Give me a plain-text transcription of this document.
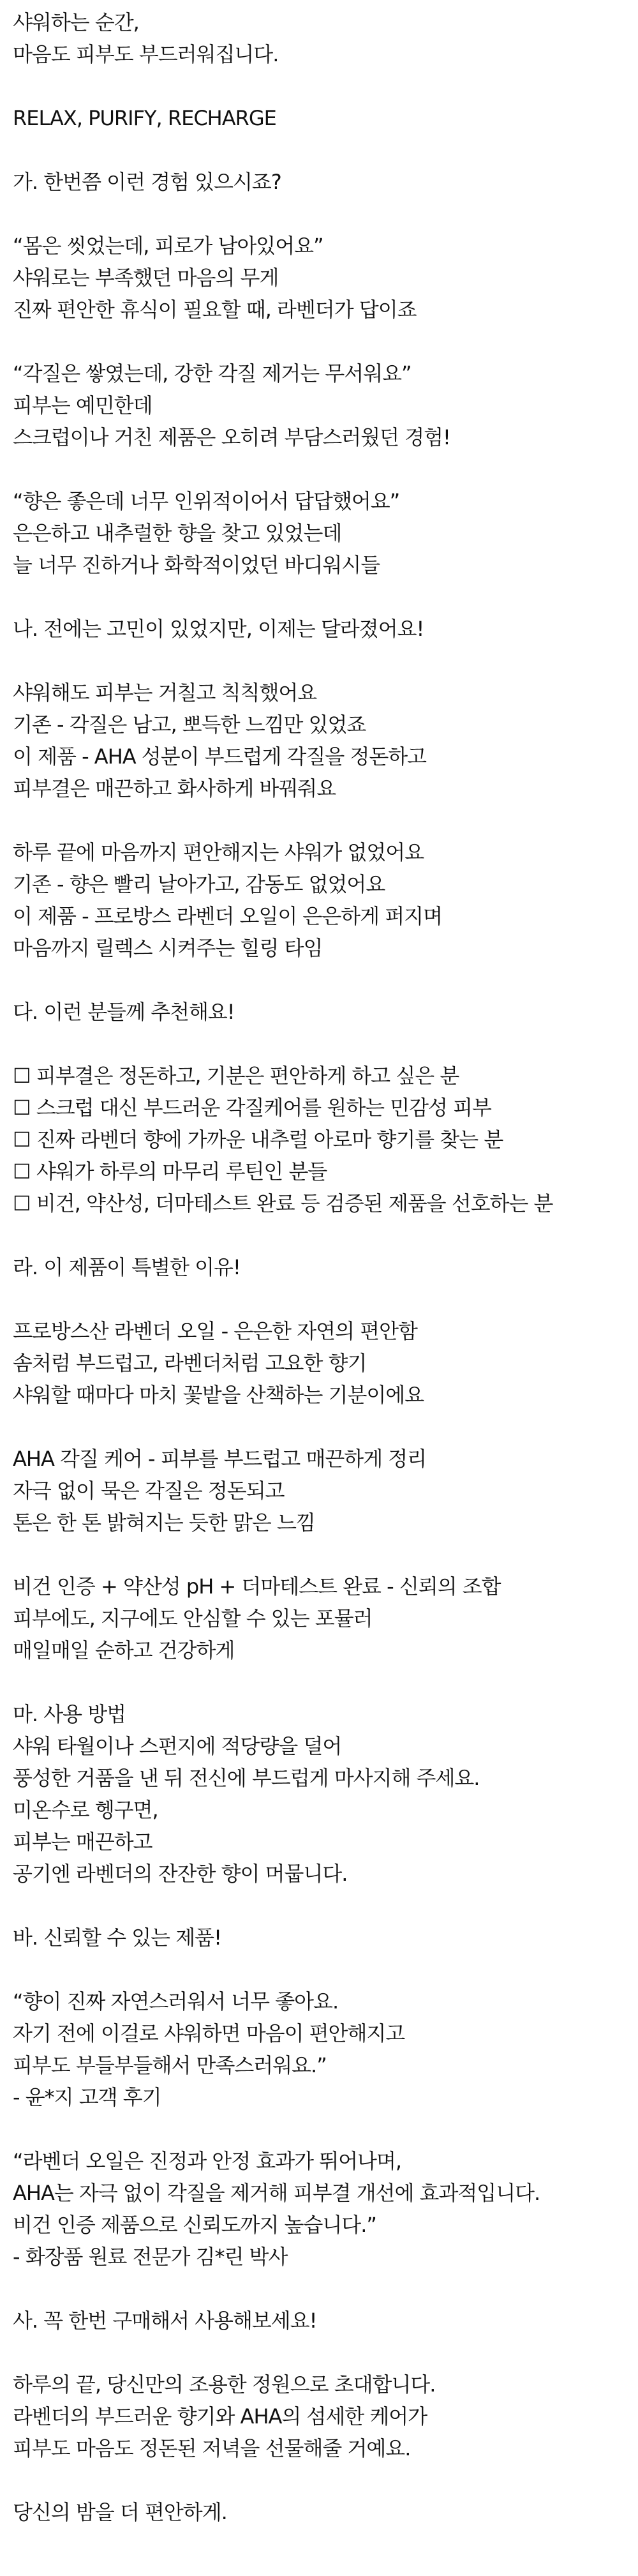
샤워하는 순간,
마음도 피부도 부드러워집니다.
RELAX, PURIFY, RECHARGE
가. 한번쯤 이런 경험 있으시죠?
“몸은 씻었는데, 피로가 남아있어요”
샤워로는 부족했던 마음의 무게
진짜 편안한 휴식이 필요할 때, 라벤더가 답이죠
“각질은 쌓였는데, 강한 각질 제거는 무서워요”
피부는 예민한데
스크럽이나 거친 제품은 오히려 부담스러웠던 경험!
“향은 좋은데 너무 인위적이어서 답답했어요”
은은하고 내추럴한 향을 찾고 있었는데
늘 너무 진하거나 화학적이었던 바디워시들
나. 전에는 고민이 있었지만, 이제는 달라졌어요!
샤워해도 피부는 거칠고 칙칙했어요
기존 - 각질은 남고, 뽀득한 느낌만 있었죠
이 제품 - AHA 성분이 부드럽게 각질을 정돈하고
피부결은 매끈하고 화사하게 바꿔줘요
하루 끝에 마음까지 편안해지는 샤워가 없었어요
기존 - 향은 빨리 날아가고, 감동도 없었어요
이 제품 - 프로방스 라벤더 오일이 은은하게 퍼지며
마음까지 릴렉스 시켜주는 힐링 타임
다. 이런 분들께 추천해요!
☐ 피부결은 정돈하고, 기분은 편안하게 하고 싶은 분
☐ 스크럽 대신 부드러운 각질케어를 원하는 민감성 피부
☐ 진짜 라벤더 향에 가까운 내추럴 아로마 향기를 찾는 분
☐ 샤워가 하루의 마무리 루틴인 분들
☐ 비건, 약산성, 더마테스트 완료 등 검증된 제품을 선호하는 분
라. 이 제품이 특별한 이유!
프로방스산 라벤더 오일 - 은은한 자연의 편안함
솜처럼 부드럽고, 라벤더처럼 고요한 향기
샤워할 때마다 마치 꽃밭을 산책하는 기분이에요
AHA 각질 케어 - 피부를 부드럽고 매끈하게 정리
자극 없이 묵은 각질은 정돈되고
톤은 한 톤 밝혀지는 듯한 맑은 느낌
비건 인증 + 약산성 pH + 더마테스트 완료 - 신뢰의 조합
피부에도, 지구에도 안심할 수 있는 포뮬러
매일매일 순하고 건강하게
마. 사용 방법
샤워 타월이나 스펀지에 적당량을 덜어
풍성한 거품을 낸 뒤 전신에 부드럽게 마사지해 주세요.
미온수로 헹구면,
피부는 매끈하고
공기엔 라벤더의 잔잔한 향이 머뭅니다.
바. 신뢰할 수 있는 제품!
“향이 진짜 자연스러워서 너무 좋아요.
자기 전에 이걸로 샤워하면 마음이 편안해지고
피부도 부들부들해서 만족스러워요.”
- 윤*지 고객 후기
“라벤더 오일은 진정과 안정 효과가 뛰어나며,
AHA는 자극 없이 각질을 제거해 피부결 개선에 효과적입니다.
비건 인증 제품으로 신뢰도까지 높습니다.”
- 화장품 원료 전문가 김*린 박사
사. 꼭 한번 구매해서 사용해보세요!
하루의 끝, 당신만의 조용한 정원으로 초대합니다.
라벤더의 부드러운 향기와 AHA의 섬세한 케어가
피부도 마음도 정돈된 저녁을 선물해줄 거예요.
당신의 밤을 더 편안하게.
